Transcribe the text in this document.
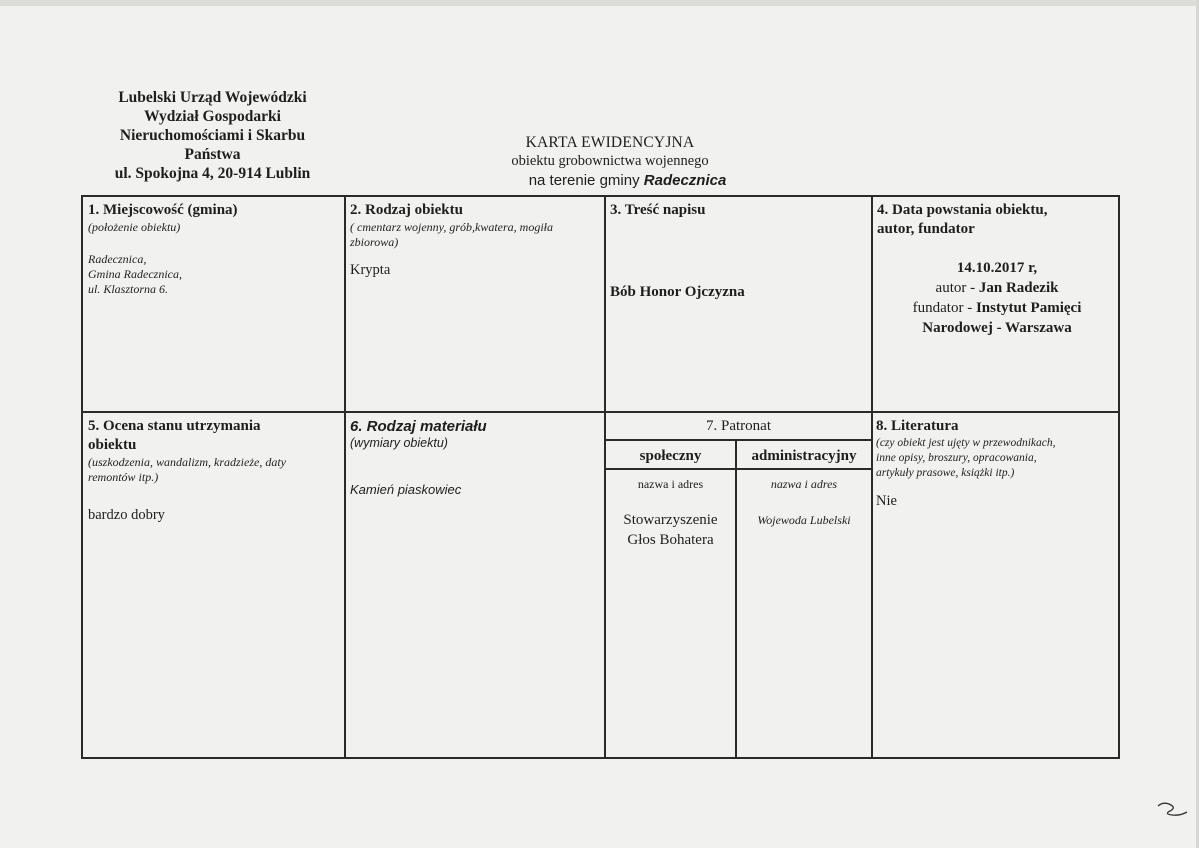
Lubelski Urząd Wojewódzki
Wydział Gospodarki
Nieruchomościami i Skarbu
Państwa
ul. Spokojna 4, 20-914 Lublin
KARTA EWIDENCYJNA
obiektu grobownictwa wojennego
na terenie gminy Radecznica
1. Miejscowość (gmina)
(położenie obiektu)
Radecznica,
Gmina Radecznica,
ul. Klasztorna 6.
2. Rodzaj obiektu
( cmentarz wojenny, grób,kwatera, mogiła
zbiorowa)
Krypta
3. Treść napisu
Bób Honor Ojczyzna
4. Data powstania obiektu,
autor, fundator
14.10.2017 r,
autor - Jan Radezik
fundator - Instytut Pamięci
Narodowej - Warszawa
5. Ocena stanu utrzymania
obiektu
(uszkodzenia, wandalizm, kradzieże, daty
remontów itp.)
bardzo dobry
6. Rodzaj materiału
(wymiary obiektu)
Kamień piaskowiec
7. Patronat
społeczny	administracyjny
nazwa i adres	nazwa i adres
Stowarzyszenie
Głos Bohatera
Wojewoda Lubelski
8. Literatura
(czy obiekt jest ujęty w przewodnikach,
inne opisy, broszury, opracowania,
artykuły prasowe, książki itp.)
Nie
